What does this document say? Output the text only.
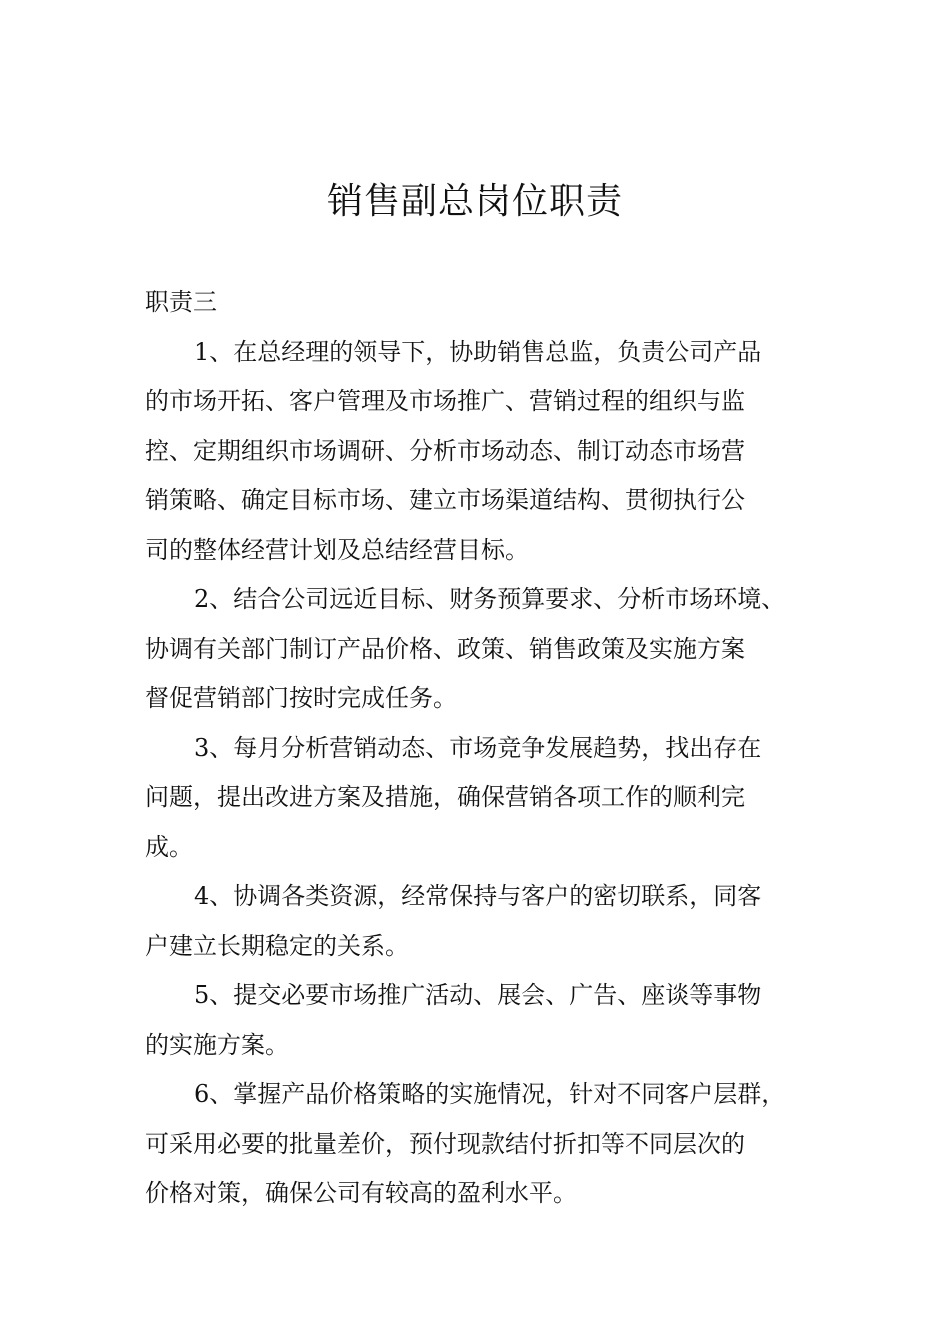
销售副总岗位职责

职责三

1、在总经理的领导下，协助销售总监，负责公司产品
的市场开拓、客户管理及市场推广、营销过程的组织与监
控、定期组织市场调研、分析市场动态、制订动态市场营
销策略、确定目标市场、建立市场渠道结构、贯彻执行公
司的整体经营计划及总结经营目标。
2、结合公司远近目标、财务预算要求、分析市场环境、
协调有关部门制订产品价格、政策、销售政策及实施方案
督促营销部门按时完成任务。
3、每月分析营销动态、市场竞争发展趋势，找出存在
问题，提出改进方案及措施，确保营销各项工作的顺利完
成。
4、协调各类资源，经常保持与客户的密切联系，同客
户建立长期稳定的关系。
5、提交必要市场推广活动、展会、广告、座谈等事物
的实施方案。
6、掌握产品价格策略的实施情况，针对不同客户层群，
可采用必要的批量差价，预付现款结付折扣等不同层次的
价格对策，确保公司有较高的盈利水平。
